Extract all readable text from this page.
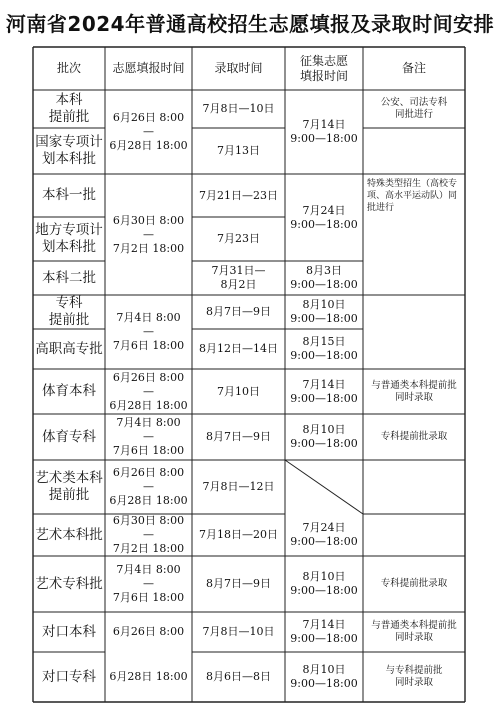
河南省2024年普通高校招生志愿填报及录取时间安排
批次	志愿填报时间	录取时间
征集志愿
填报时间
备注
本科
提前批
国家专项计
划本科批
本科一批
地方专项计
划本科批
本科二批
专科
提前批
高职高专批
体育本科
体育专科
艺术类本科
提前批
艺术本科批
艺术专科批
对口本科
对口专科
6月26日 8:00
—
6月28日 18:00
6月30日 8:00
—
7月2日 18:00
7月4日 8:00
—
7月6日 18:00
6月26日 8:00
—
6月28日 18:00
7月4日 8:00
—
7月6日 18:00
6月26日 8:00
—
6月28日 18:00
6月30日 8:00
—
7月2日 18:00
7月4日 8:00
—
7月6日 18:00
6月26日 8:00
6月28日 18:00
7月8日—10日
7月13日
7月21日—23日
7月23日
7月31日—
8月2日
8月7日—9日
8月12日—14日
7月10日
8月7日—9日
7月8日—12日
7月18日—20日
8月7日—9日
7月8日—10日
8月6日—8日
7月14日
9:00—18:00
7月24日
9:00—18:00
8月3日
9:00—18:00
8月10日
9:00—18:00
8月15日
9:00—18:00
7月14日
9:00—18:00
8月10日
9:00—18:00
7月24日
9:00—18:00
8月10日
9:00—18:00
7月14日
9:00—18:00
8月10日
9:00—18:00
公安、司法专科
同批进行
特殊类型招生（高校专项、高水平运动队）同批进行
与普通类本科提前批
同时录取
专科提前批录取
专科提前批录取
与普通类本科提前批
同时录取
与专科提前批
同时录取
